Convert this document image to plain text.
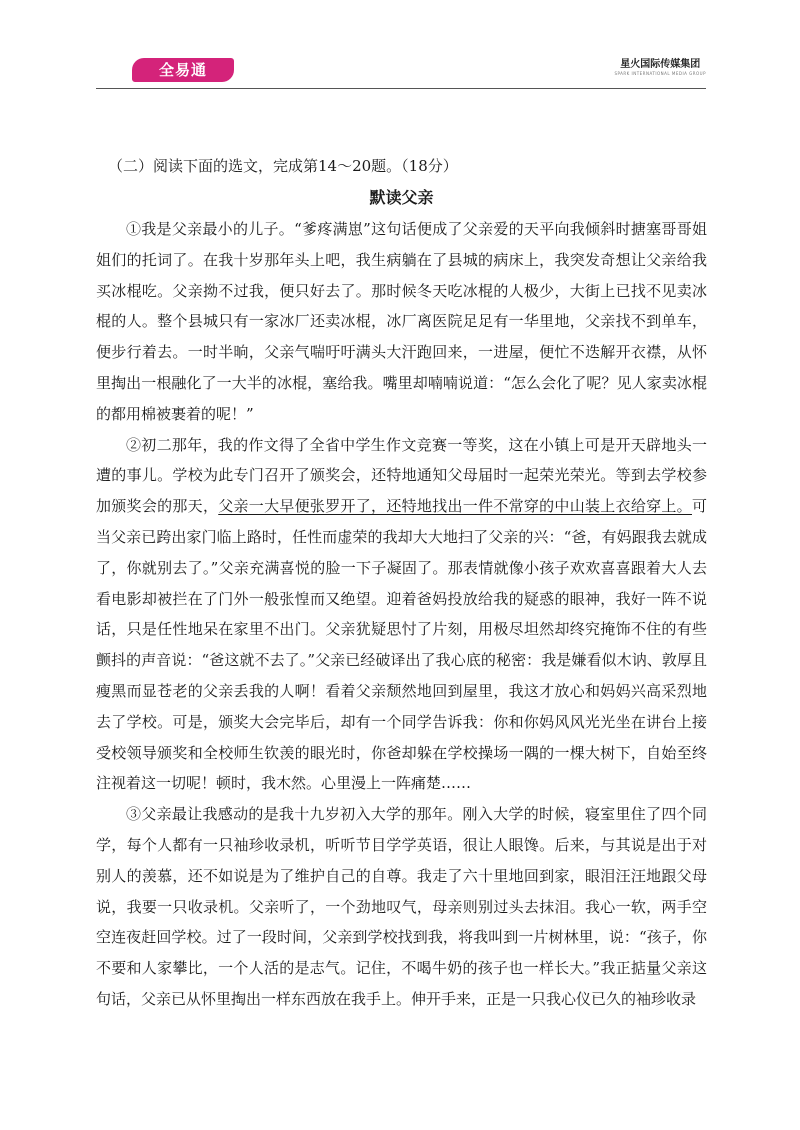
全易通	星火国际传媒集团
SPARK INTERNATIONAL MEDIA GROUP

（二）阅读下面的选文，完成第14～20题。（18分）

默读父亲

①我是父亲最小的儿子。“爹疼满崽”这句话便成了父亲爱的天平向我倾斜时搪塞哥哥姐姐们的托词了。在我十岁那年头上吧，我生病躺在了县城的病床上，我突发奇想让父亲给我买冰棍吃。父亲拗不过我，便只好去了。那时候冬天吃冰棍的人极少，大街上已找不见卖冰棍的人。整个县城只有一家冰厂还卖冰棍，冰厂离医院足足有一华里地，父亲找不到单车，便步行着去。一时半晌，父亲气喘吁吁满头大汗跑回来，一进屋，便忙不迭解开衣襟，从怀里掏出一根融化了一大半的冰棍，塞给我。嘴里却喃喃说道：“怎么会化了呢？见人家卖冰棍的都用棉被裹着的呢！”

②初二那年，我的作文得了全省中学生作文竞赛一等奖，这在小镇上可是开天辟地头一遭的事儿。学校为此专门召开了颁奖会，还特地通知父母届时一起荣光荣光。等到去学校参加颁奖会的那天，父亲一大早便张罗开了，还特地找出一件不常穿的中山装上衣给穿上。可当父亲已跨出家门临上路时，任性而虚荣的我却大大地扫了父亲的兴：“爸，有妈跟我去就成了，你就别去了。”父亲充满喜悦的脸一下子凝固了。那表情就像小孩子欢欢喜喜跟着大人去看电影却被拦在了门外一般张惶而又绝望。迎着爸妈投放给我的疑惑的眼神，我好一阵不说话，只是任性地呆在家里不出门。父亲犹疑思忖了片刻，用极尽坦然却终究掩饰不住的有些颤抖的声音说：“爸这就不去了。”父亲已经破译出了我心底的秘密：我是嫌看似木讷、敦厚且瘦黑而显苍老的父亲丢我的人啊！看着父亲颓然地回到屋里，我这才放心和妈妈兴高采烈地去了学校。可是，颁奖大会完毕后，却有一个同学告诉我：你和你妈风风光光坐在讲台上接受校领导颁奖和全校师生钦羡的眼光时，你爸却躲在学校操场一隅的一棵大树下，自始至终注视着这一切呢！顿时，我木然。心里漫上一阵痛楚……

③父亲最让我感动的是我十九岁初入大学的那年。刚入大学的时候，寝室里住了四个同学，每个人都有一只袖珍收录机，听听节目学学英语，很让人眼馋。后来，与其说是出于对别人的羡慕，还不如说是为了维护自己的自尊。我走了六十里地回到家，眼泪汪汪地跟父母说，我要一只收录机。父亲听了，一个劲地叹气，母亲则别过头去抹泪。我心一软，两手空空连夜赶回学校。过了一段时间，父亲到学校找到我，将我叫到一片树林里，说：“孩子，你不要和人家攀比，一个人活的是志气。记住，不喝牛奶的孩子也一样长大。”我正掂量父亲这句话，父亲已从怀里掏出一样东西放在我手上。伸开手来，正是一只我心仪已久的袖珍收录
